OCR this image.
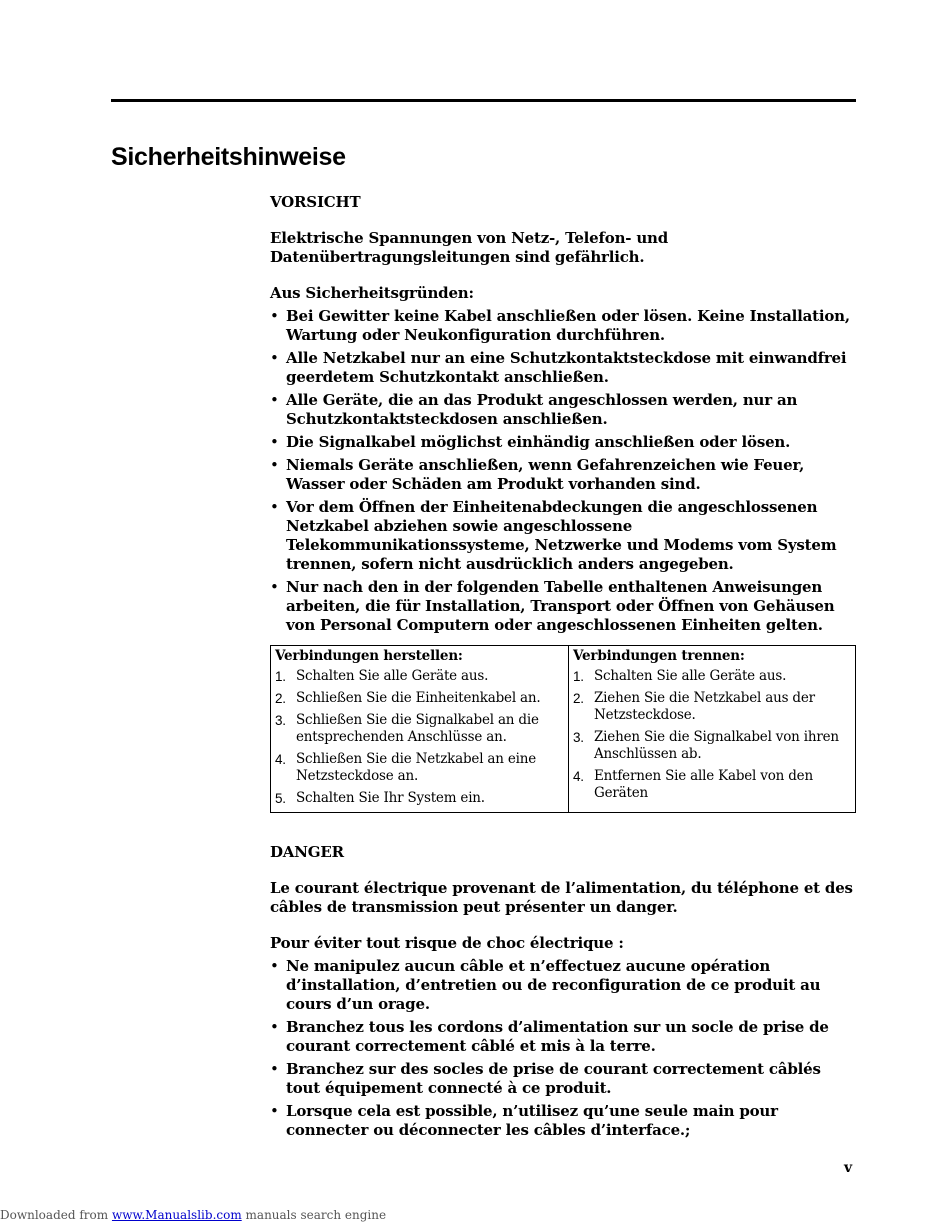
Sicherheitshinweise

VORSICHT

Elektrische Spannungen von Netz-, Telefon- und Datenübertragungsleitungen sind gefährlich.

Aus Sicherheitsgründen:

• Bei Gewitter keine Kabel anschließen oder lösen. Keine Installation, Wartung oder Neukonfiguration durchführen.
• Alle Netzkabel nur an eine Schutzkontaktsteckdose mit einwandfrei geerdetem Schutzkontakt anschließen.
• Alle Geräte, die an das Produkt angeschlossen werden, nur an Schutzkontaktsteckdosen anschließen.
• Die Signalkabel möglichst einhändig anschließen oder lösen.
• Niemals Geräte anschließen, wenn Gefahrenzeichen wie Feuer, Wasser oder Schäden am Produkt vorhanden sind.
• Vor dem Öffnen der Einheitenabdeckungen die angeschlossenen Netzkabel abziehen sowie angeschlossene Telekommunikationssysteme, Netzwerke und Modems vom System trennen, sofern nicht ausdrücklich anders angegeben.
• Nur nach den in der folgenden Tabelle enthaltenen Anweisungen arbeiten, die für Installation, Transport oder Öffnen von Gehäusen von Personal Computern oder angeschlossenen Einheiten gelten.
Verbindungen herstellen:
1. Schalten Sie alle Geräte aus.
2. Schließen Sie die Einheitenkabel an.
3. Schließen Sie die Signalkabel an die entsprechenden Anschlüsse an.
4. Schließen Sie die Netzkabel an eine Netzsteckdose an.
5. Schalten Sie Ihr System ein.

Verbindungen trennen:
1. Schalten Sie alle Geräte aus.
2. Ziehen Sie die Netzkabel aus der Netzsteckdose.
3. Ziehen Sie die Signalkabel von ihren Anschlüssen ab.
4. Entfernen Sie alle Kabel von den Geräten

DANGER

Le courant électrique provenant de l’alimentation, du téléphone et des câbles de transmission peut présenter un danger.

Pour éviter tout risque de choc électrique :

• Ne manipulez aucun câble et n’effectuez aucune opération d’installation, d’entretien ou de reconfiguration de ce produit au cours d’un orage.
• Branchez tous les cordons d’alimentation sur un socle de prise de courant correctement câblé et mis à la terre.
• Branchez sur des socles de prise de courant correctement câblés tout équipement connecté à ce produit.
• Lorsque cela est possible, n’utilisez qu’une seule main pour connecter ou déconnecter les câbles d’interface.;
v
Downloaded from www.Manualslib.com manuals search engine
